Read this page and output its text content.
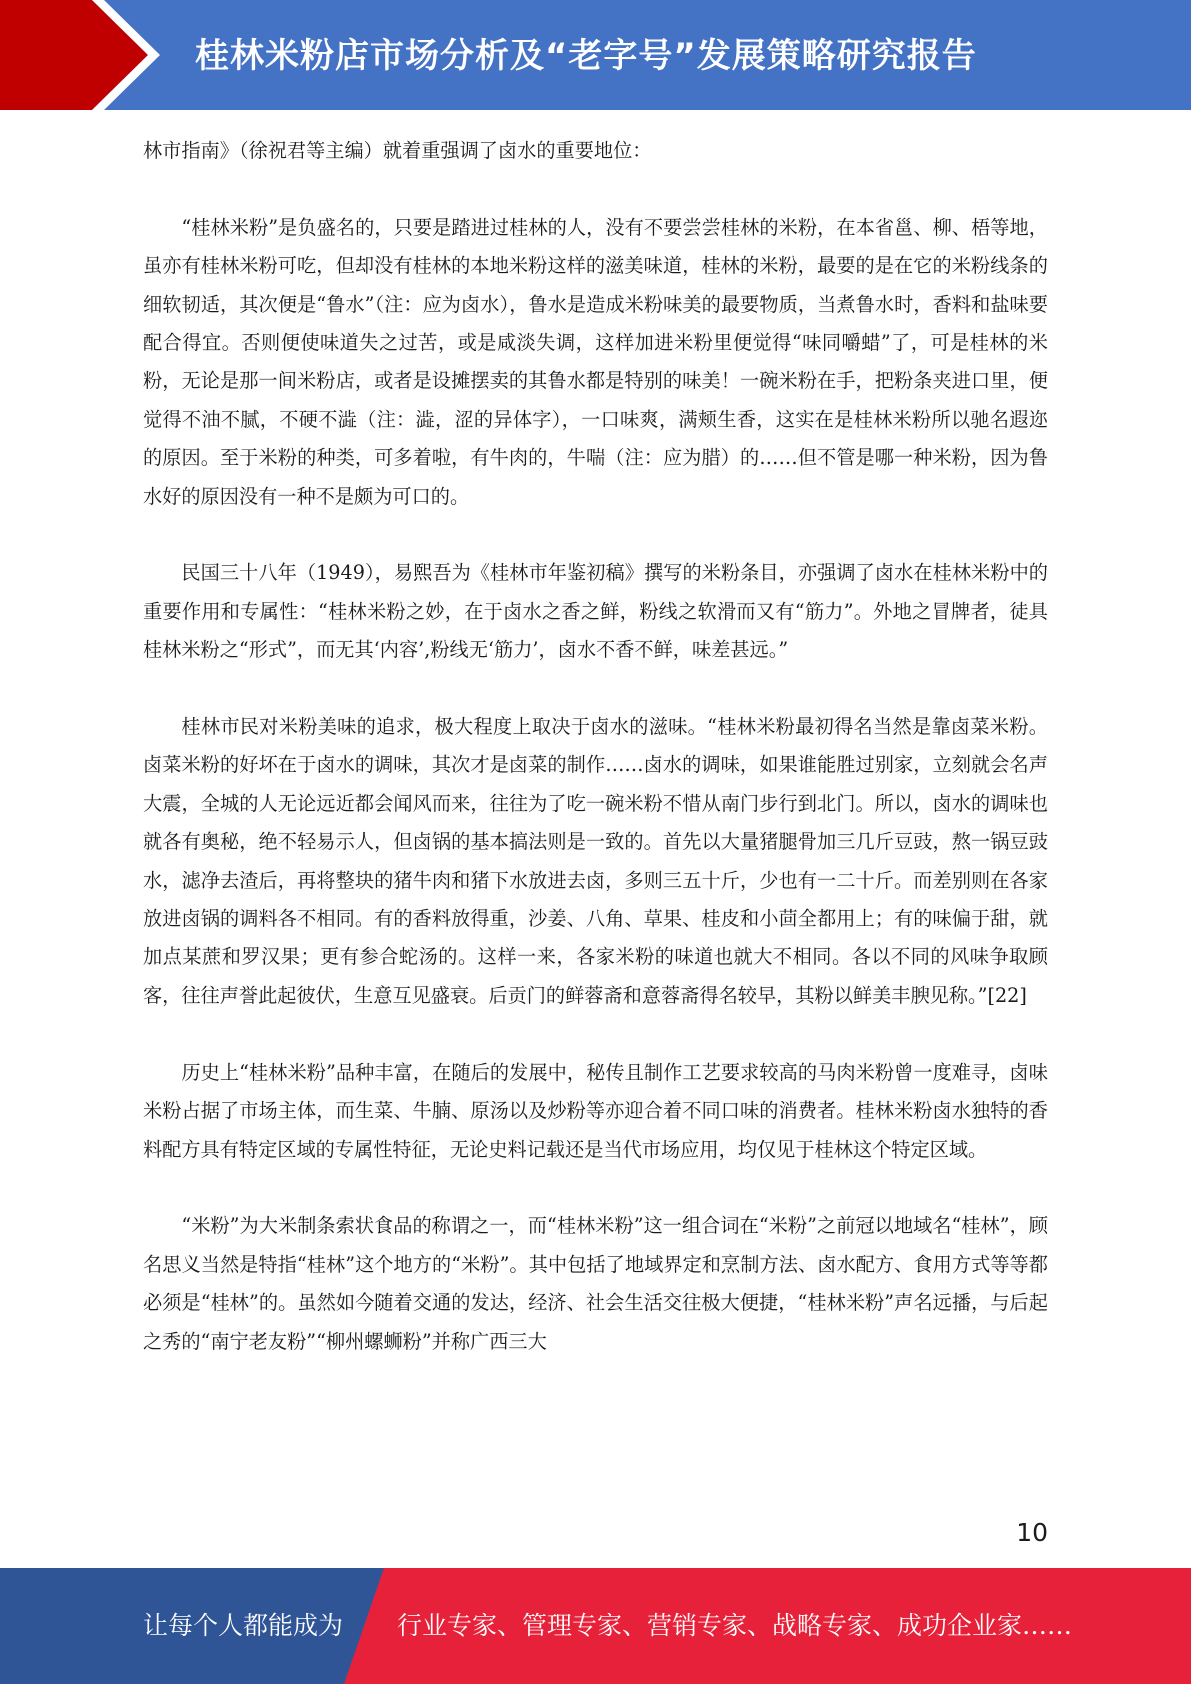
桂林米粉店市场分析及“老字号”发展策略研究报告

林市指南》（徐祝君等主编）就着重强调了卤水的重要地位：

“桂林米粉”是负盛名的，只要是踏进过桂林的人，没有不要尝尝桂林的米粉，在本省邕、柳、梧等地，虽亦有桂林米粉可吃，但却没有桂林的本地米粉这样的滋美味道，桂林的米粉，最要的是在它的米粉线条的细软韧适，其次便是“鲁水”（注：应为卤水），鲁水是造成米粉味美的最要物质，当煮鲁水时，香料和盐味要配合得宜。否则便使味道失之过苦，或是咸淡失调，这样加进米粉里便觉得“味同嚼蜡”了，可是桂林的米粉，无论是那一间米粉店，或者是设摊摆卖的其鲁水都是特别的味美！一碗米粉在手，把粉条夹进口里，便觉得不油不腻，不硬不澁（注：澁，涩的异体字），一口味爽，满颊生香，这实在是桂林米粉所以驰名遐迩的原因。至于米粉的种类，可多着啦，有牛肉的，牛喘（注：应为腊）的……但不管是哪一种米粉，因为鲁水好的原因没有一种不是颇为可口的。

民国三十八年（1949），易熙吾为《桂林市年鉴初稿》撰写的米粉条目，亦强调了卤水在桂林米粉中的重要作用和专属性：“桂林米粉之妙，在于卤水之香之鲜，粉线之软滑而又有“筋力”。外地之冒牌者，徒具桂林米粉之“形式”，而无其‘内容’,粉线无‘筋力’，卤水不香不鲜，味差甚远。”

桂林市民对米粉美味的追求，极大程度上取决于卤水的滋味。“桂林米粉最初得名当然是靠卤菜米粉。卤菜米粉的好坏在于卤水的调味，其次才是卤菜的制作……卤水的调味，如果谁能胜过别家，立刻就会名声大震，全城的人无论远近都会闻风而来，往往为了吃一碗米粉不惜从南门步行到北门。所以，卤水的调味也就各有奥秘，绝不轻易示人，但卤锅的基本搞法则是一致的。首先以大量猪腿骨加三几斤豆豉，熬一锅豆豉水，滤净去渣后，再将整块的猪牛肉和猪下水放进去卤，多则三五十斤，少也有一二十斤。而差别则在各家放进卤锅的调料各不相同。有的香料放得重，沙姜、八角、草果、桂皮和小茴全都用上；有的味偏于甜，就加点某蔗和罗汉果；更有参合蛇汤的。这样一来，各家米粉的味道也就大不相同。各以不同的风味争取顾客，往往声誉此起彼伏，生意互见盛衰。后贡门的鲜蓉斋和意蓉斋得名较早，其粉以鲜美丰腴见称。”[22]

历史上“桂林米粉”品种丰富，在随后的发展中，秘传且制作工艺要求较高的马肉米粉曾一度难寻，卤味米粉占据了市场主体，而生菜、牛腩、原汤以及炒粉等亦迎合着不同口味的消费者。桂林米粉卤水独特的香料配方具有特定区域的专属性特征，无论史料记载还是当代市场应用，均仅见于桂林这个特定区域。

“米粉”为大米制条索状食品的称谓之一，而“桂林米粉”这一组合词在“米粉”之前冠以地域名“桂林”，顾名思义当然是特指“桂林”这个地方的“米粉”。其中包括了地域界定和烹制方法、卤水配方、食用方式等等都必须是“桂林”的。虽然如今随着交通的发达，经济、社会生活交往极大便捷，“桂林米粉”声名远播，与后起之秀的“南宁老友粉”“柳州螺蛳粉”并称广西三大

10
让每个人都能成为 行业专家、管理专家、营销专家、战略专家、成功企业家……
